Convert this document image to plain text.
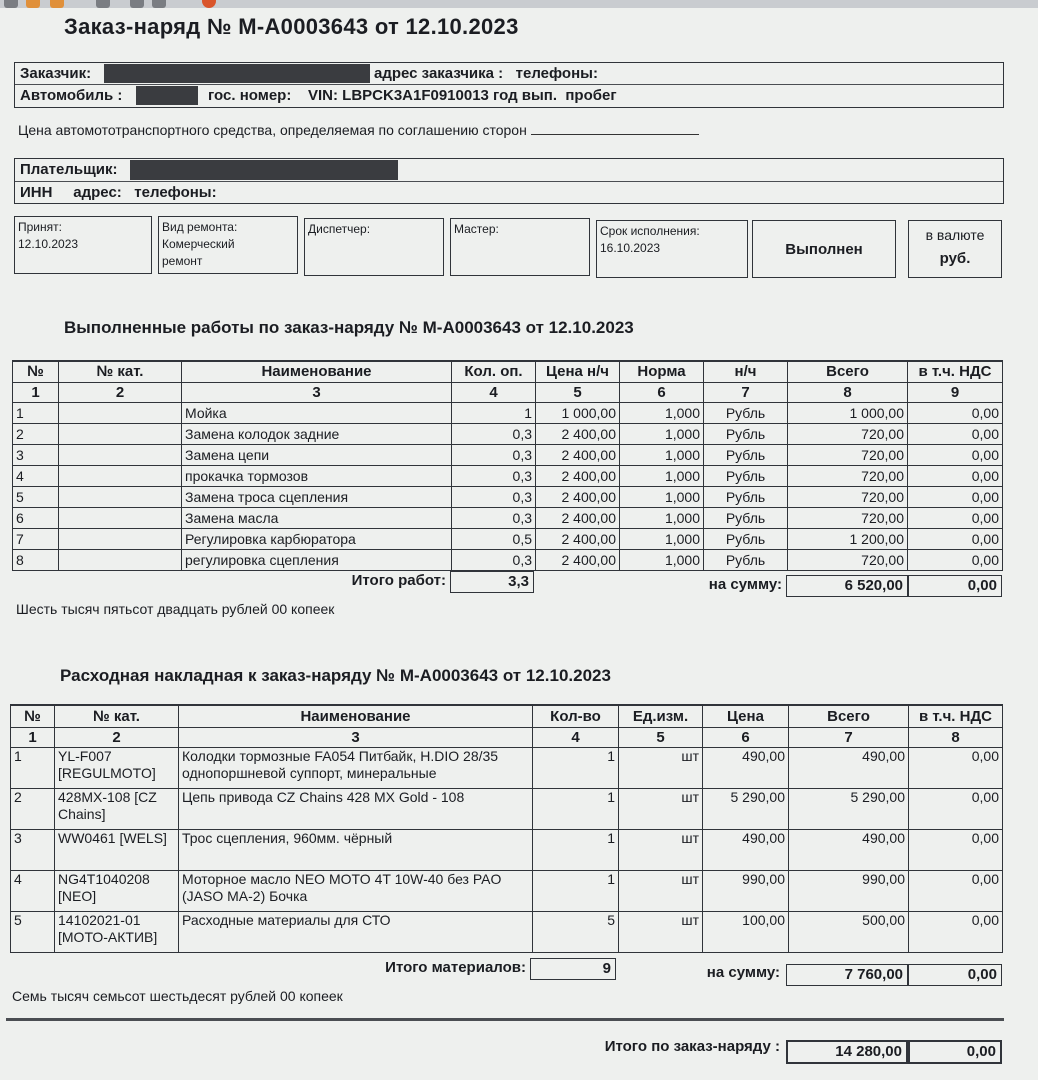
Заказ-наряд № М-А0003643 от 12.10.2023
Заказчик:	адрес заказчика :   телефоны:
Автомобиль :	гос. номер:    VIN: LBPCK3A1F0910013 год вып.  пробег
Цена автомототранспортного средства, определяемая по соглашению сторон
Плательщик:
ИНН     адрес:   телефоны:
Принят:
12.10.2023
Вид ремонта:
Комерческий ремонт
Диспетчер:	Мастер:	Срок исполнения:
16.10.2023	Выполнен
в валюте
руб.
Выполненные работы по заказ-наряду № М-А0003643 от 12.10.2023
№	№ кат.	Наименование	Кол. оп.	Цена н/ч	Норма	н/ч	Всего	в т.ч. НДС
1	2	3	4	5	6	7	8	9
1		Мойка	1	1 000,00	1,000	Рубль	1 000,00	0,00
2		Замена колодок задние	0,3	2 400,00	1,000	Рубль	720,00	0,00
3		Замена цепи	0,3	2 400,00	1,000	Рубль	720,00	0,00
4		прокачка тормозов	0,3	2 400,00	1,000	Рубль	720,00	0,00
5		Замена троса сцепления	0,3	2 400,00	1,000	Рубль	720,00	0,00
6		Замена масла	0,3	2 400,00	1,000	Рубль	720,00	0,00
7		Регулировка карбюратора	0,5	2 400,00	1,000	Рубль	1 200,00	0,00
8		регулировка сцепления	0,3	2 400,00	1,000	Рубль	720,00	0,00
Итого работ:	3,3	на сумму:	6 520,00	0,00
Шесть тысяч пятьсот двадцать рублей 00 копеек
Расходная накладная к заказ-наряду № М-А0003643 от 12.10.2023
№	№ кат.	Наименование	Кол-во	Ед.изм.	Цена	Всего	в т.ч. НДС
1	2	3	4	5	6	7	8
1	YL-F007 [REGULMOTO]	Колодки тормозные FA054 Питбайк, H.DIO 28/35 однопоршневой суппорт, минеральные	1	шт	490,00	490,00	0,00
2	428MX-108 [CZ Chains]	Цепь привода CZ Chains 428 MX Gold - 108	1	шт	5 290,00	5 290,00	0,00
3	WW0461 [WELS]	Трос сцепления, 960мм. чёрный	1	шт	490,00	490,00	0,00
4	NG4T1040208 [NEO]	Моторное масло NEO MOTO 4T 10W-40 без PAO (JASO MA-2) Бочка	1	шт	990,00	990,00	0,00
5	14102021-01 [МОТО-АКТИВ]	Расходные материалы для СТО	5	шт	100,00	500,00	0,00
Итого материалов:	9	на сумму:	7 760,00	0,00
Семь тысяч семьсот шестьдесят рублей 00 копеек
Итого по заказ-наряду :	14 280,00	0,00
